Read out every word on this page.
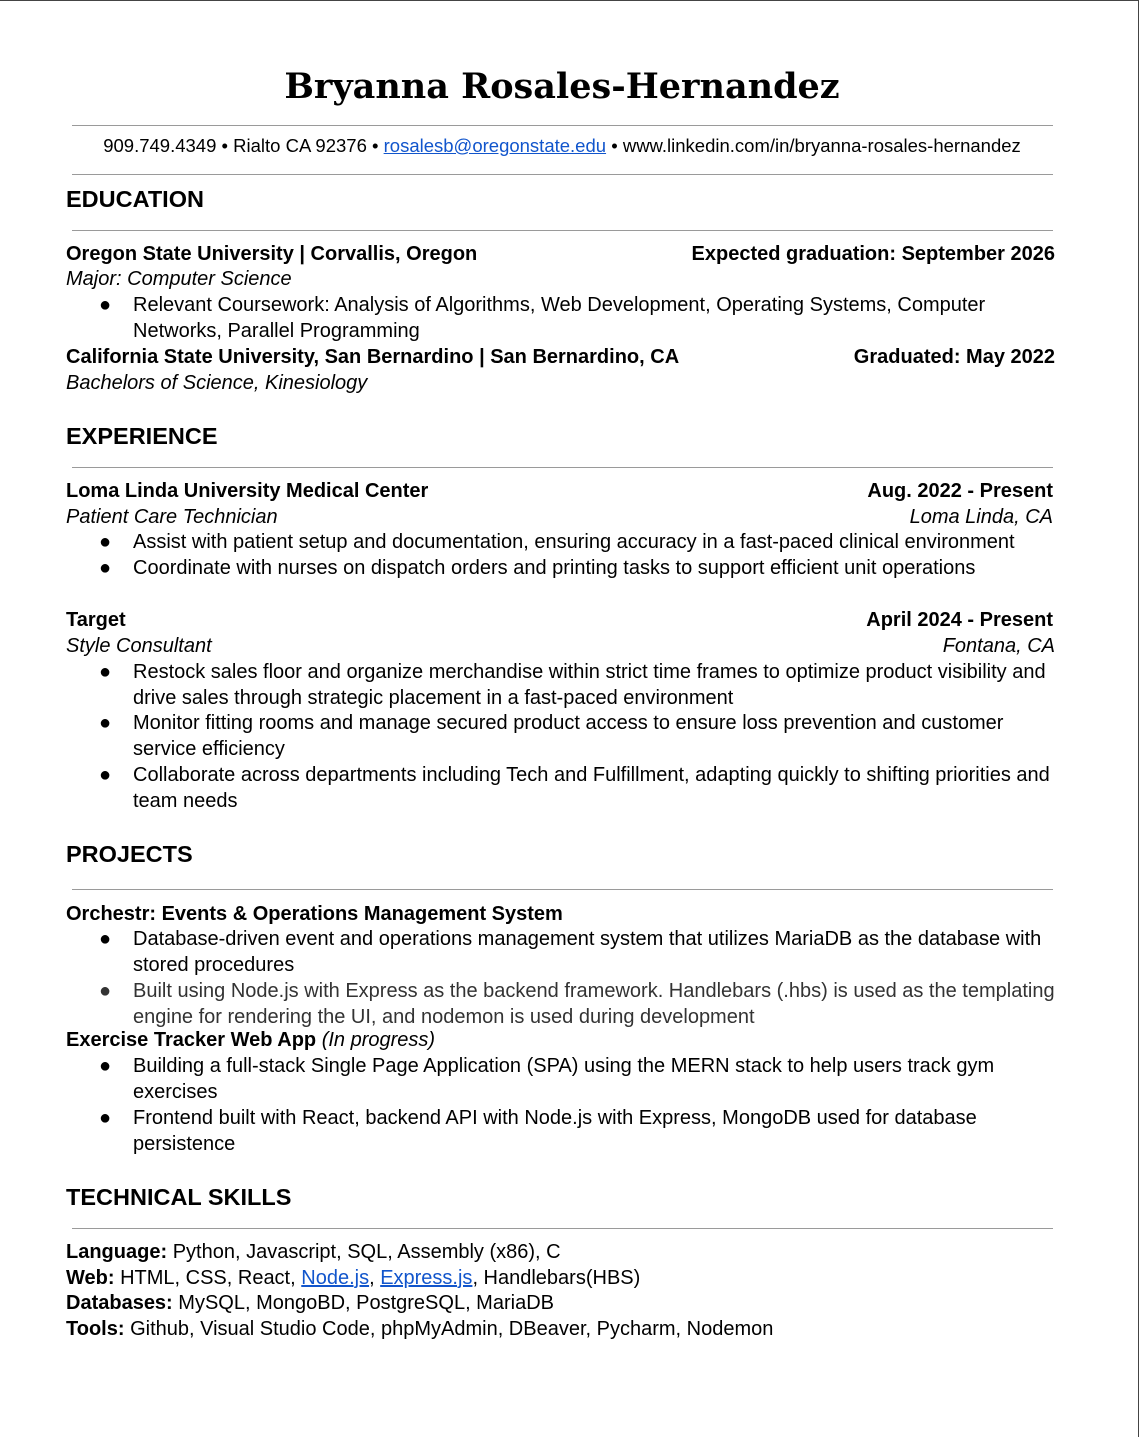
Bryanna Rosales-Hernandez
909.749.4349 • Rialto CA 92376 • rosalesb@oregonstate.edu • www.linkedin.com/in/bryanna-rosales-hernandez
EDUCATION
Oregon State University | Corvallis, Oregon	Expected graduation: September 2026
Major: Computer Science
● Relevant Coursework: Analysis of Algorithms, Web Development, Operating Systems, Computer Networks, Parallel Programming
California State University, San Bernardino | San Bernardino, CA	Graduated: May 2022
Bachelors of Science, Kinesiology
EXPERIENCE
Loma Linda University Medical Center	Aug. 2022 - Present
Patient Care Technician	Loma Linda, CA
● Assist with patient setup and documentation, ensuring accuracy in a fast-paced clinical environment
● Coordinate with nurses on dispatch orders and printing tasks to support efficient unit operations
Target	April 2024 - Present
Style Consultant	Fontana, CA
● Restock sales floor and organize merchandise within strict time frames to optimize product visibility and drive sales through strategic placement in a fast-paced environment
● Monitor fitting rooms and manage secured product access to ensure loss prevention and customer service efficiency
● Collaborate across departments including Tech and Fulfillment, adapting quickly to shifting priorities and team needs
PROJECTS
Orchestr: Events & Operations Management System
● Database-driven event and operations management system that utilizes MariaDB as the database with stored procedures
● Built using Node.js with Express as the backend framework. Handlebars (.hbs) is used as the templating engine for rendering the UI, and nodemon is used during development
Exercise Tracker Web App (In progress)
● Building a full-stack Single Page Application (SPA) using the MERN stack to help users track gym exercises
● Frontend built with React, backend API with Node.js with Express, MongoDB used for database persistence
TECHNICAL SKILLS
Language: Python, Javascript, SQL, Assembly (x86), C
Web: HTML, CSS, React, Node.js, Express.js, Handlebars(HBS)
Databases: MySQL, MongoBD, PostgreSQL, MariaDB
Tools: Github, Visual Studio Code, phpMyAdmin, DBeaver, Pycharm, Nodemon
